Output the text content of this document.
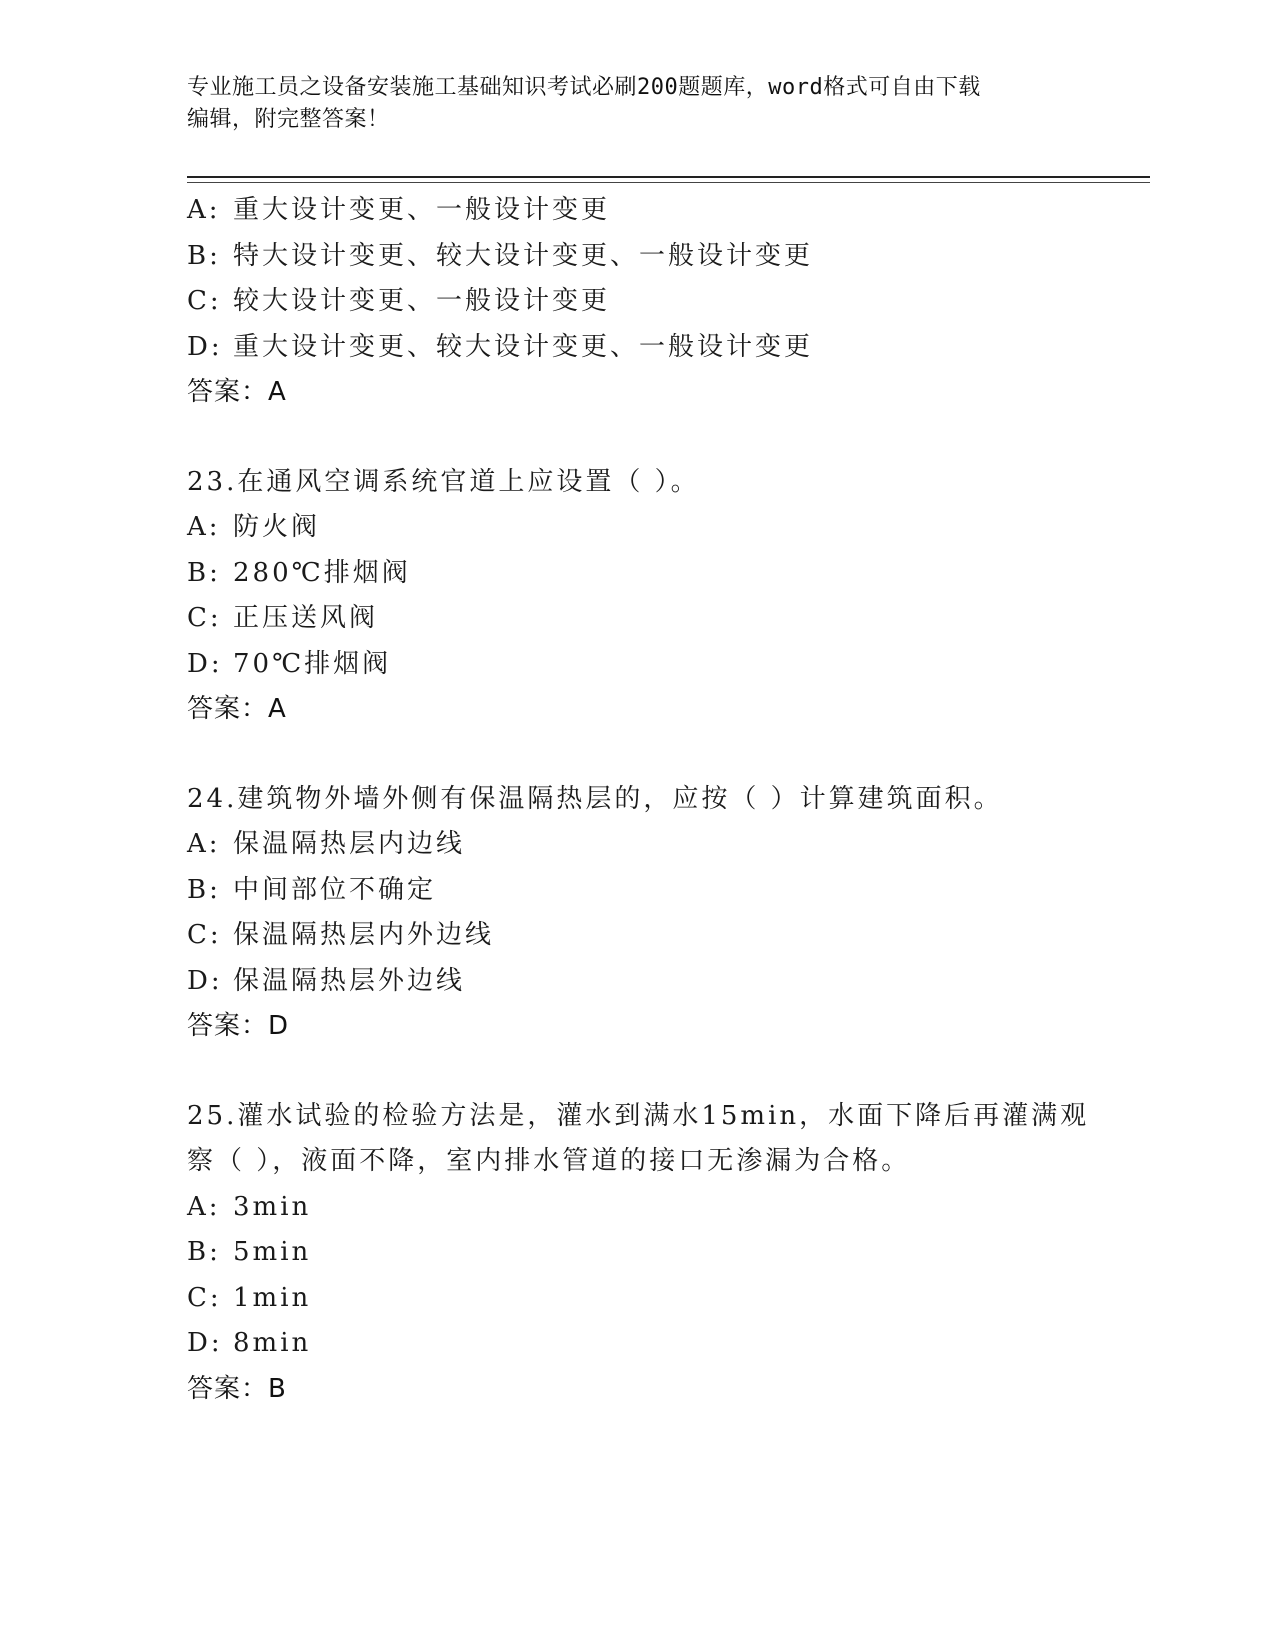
专业施工员之设备安装施工基础知识考试必刷200题题库，word格式可自由下载
编辑，附完整答案！
A: 重大设计变更、一般设计变更
B: 特大设计变更、较大设计变更、一般设计变更
C: 较大设计变更、一般设计变更
D: 重大设计变更、较大设计变更、一般设计变更
答案：A
23.在通风空调系统官道上应设置（ ）。
A: 防火阀
B: 280℃排烟阀
C: 正压送风阀
D: 70℃排烟阀
答案：A
24.建筑物外墙外侧有保温隔热层的，应按（ ）计算建筑面积。
A: 保温隔热层内边线
B: 中间部位不确定
C: 保温隔热层内外边线
D: 保温隔热层外边线
答案：D
25.灌水试验的检验方法是，灌水到满水15min，水面下降后再灌满观
察（ ），液面不降，室内排水管道的接口无渗漏为合格。
A: 3min
B: 5min
C: 1min
D: 8min
答案：B
